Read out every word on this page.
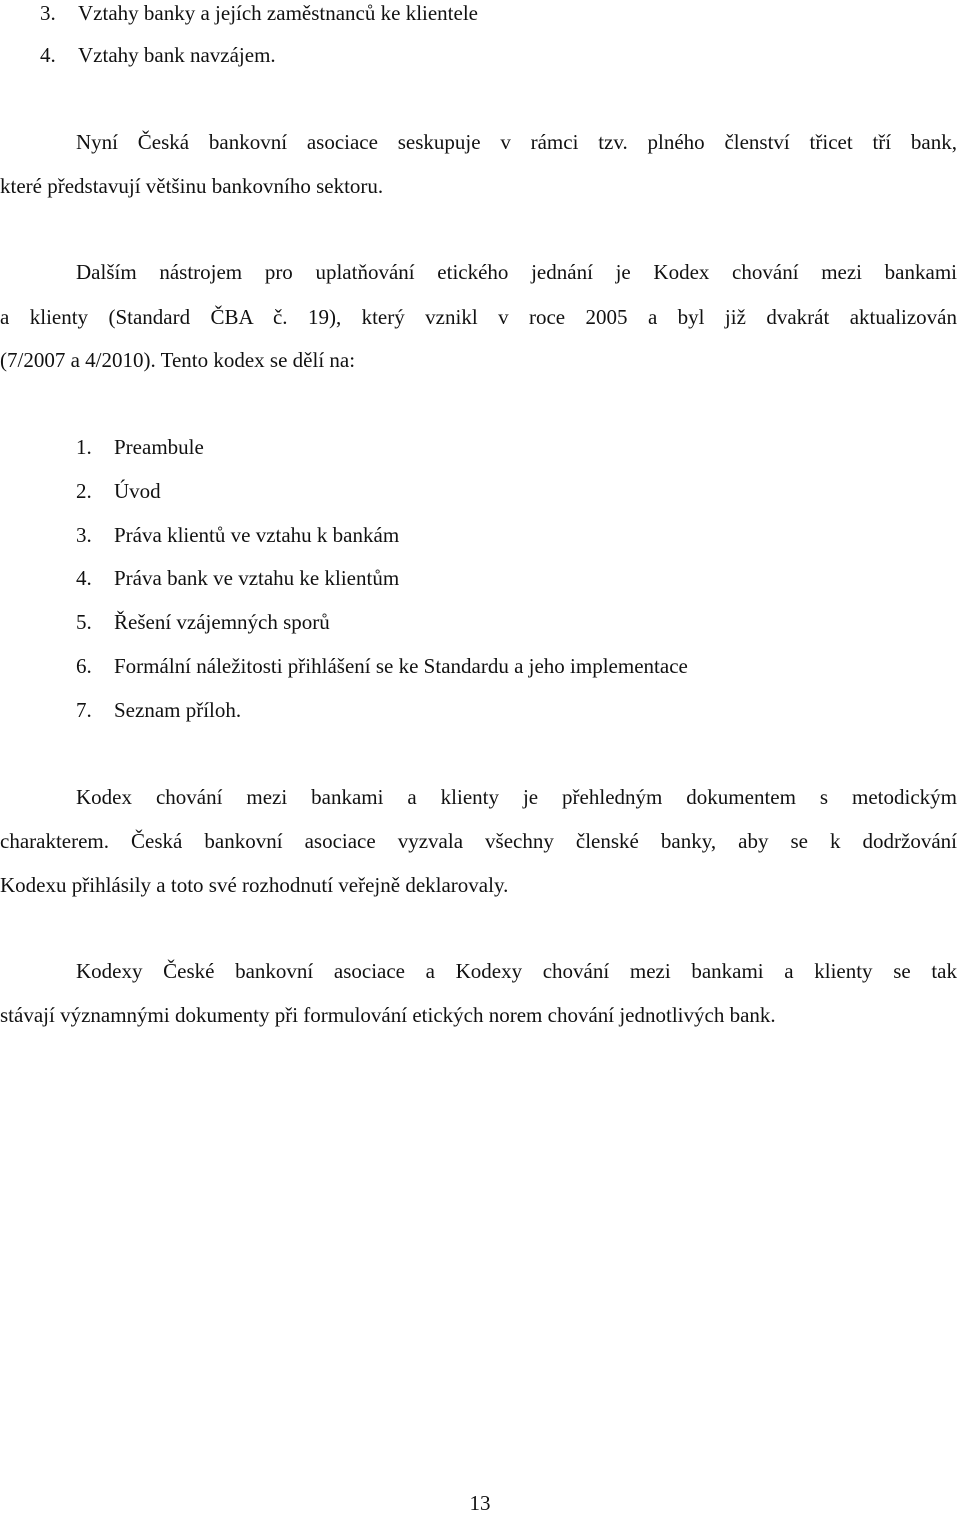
3. Vztahy banky a jejích zaměstnanců ke klientele
4. Vztahy bank navzájem.
Nyní Česká bankovní asociace seskupuje v rámci tzv. plného členství třicet tří bank,
které představují většinu bankovního sektoru.
Dalším nástrojem pro uplatňování etického jednání je Kodex chování mezi bankami
a klienty (Standard ČBA č. 19), který vznikl v roce 2005 a byl již dvakrát aktualizován
(7/2007 a 4/2010). Tento kodex se dělí na:
1. Preambule
2. Úvod
3. Práva klientů ve vztahu k bankám
4. Práva bank ve vztahu ke klientům
5. Řešení vzájemných sporů
6. Formální náležitosti přihlášení se ke Standardu a jeho implementace
7. Seznam příloh.
Kodex chování mezi bankami a klienty je přehledným dokumentem s metodickým
charakterem. Česká bankovní asociace vyzvala všechny členské banky, aby se k dodržování
Kodexu přihlásily a toto své rozhodnutí veřejně deklarovaly.
Kodexy České bankovní asociace a Kodexy chování mezi bankami a klienty se tak
stávají významnými dokumenty při formulování etických norem chování jednotlivých bank.
13
